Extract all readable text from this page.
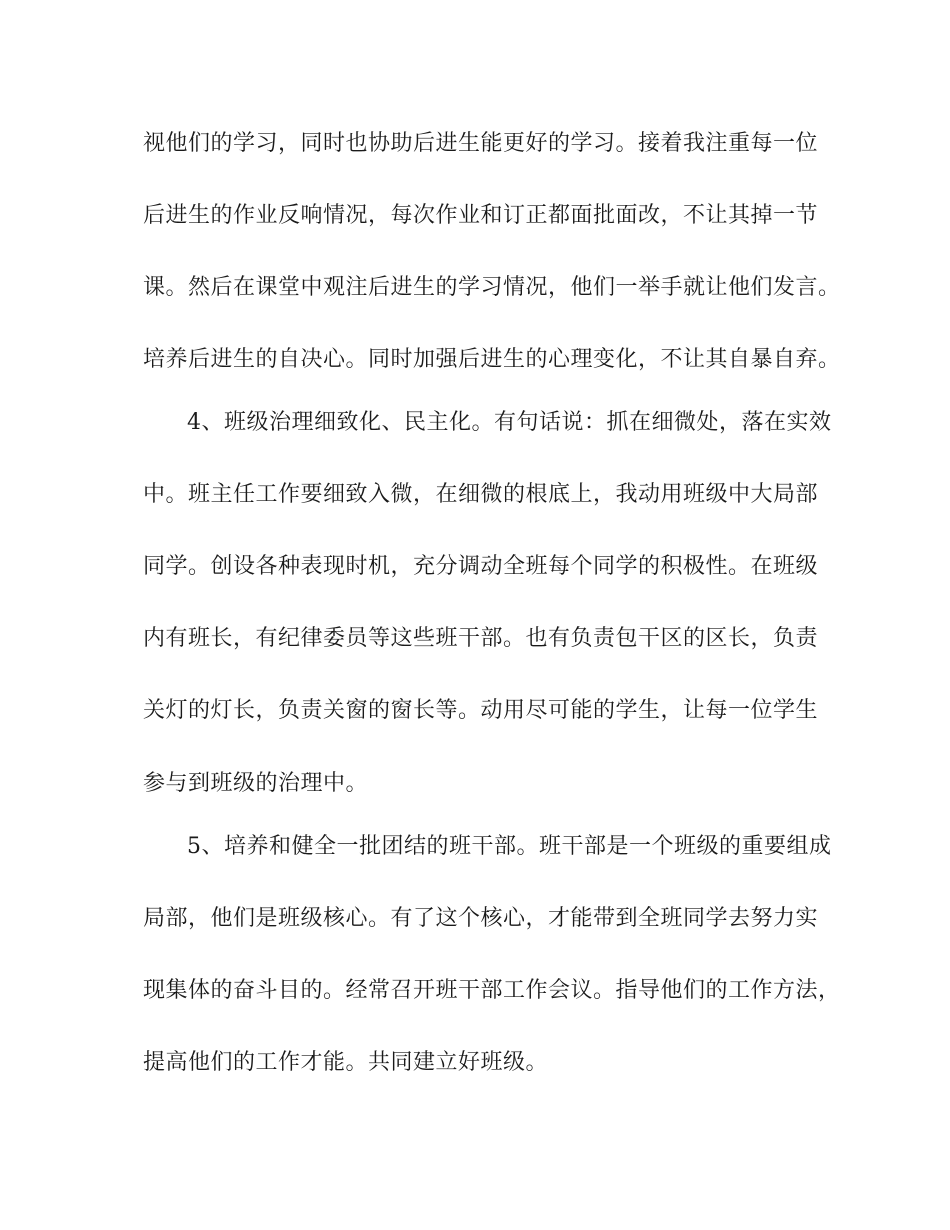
视他们的学习，同时也协助后进生能更好的学习。接着我注重每一位
后进生的作业反响情况，每次作业和订正都面批面改，不让其掉一节
课。然后在课堂中观注后进生的学习情况，他们一举手就让他们发言。
培养后进生的自决心。同时加强后进生的心理变化，不让其自暴自弃。
4、班级治理细致化、民主化。有句话说：抓在细微处，落在实效
中。班主任工作要细致入微，在细微的根底上，我动用班级中大局部
同学。创设各种表现时机，充分调动全班每个同学的积极性。在班级
内有班长，有纪律委员等这些班干部。也有负责包干区的区长，负责
关灯的灯长，负责关窗的窗长等。动用尽可能的学生，让每一位学生
参与到班级的治理中。
5、培养和健全一批团结的班干部。班干部是一个班级的重要组成
局部，他们是班级核心。有了这个核心，才能带到全班同学去努力实
现集体的奋斗目的。经常召开班干部工作会议。指导他们的工作方法，
提高他们的工作才能。共同建立好班级。
